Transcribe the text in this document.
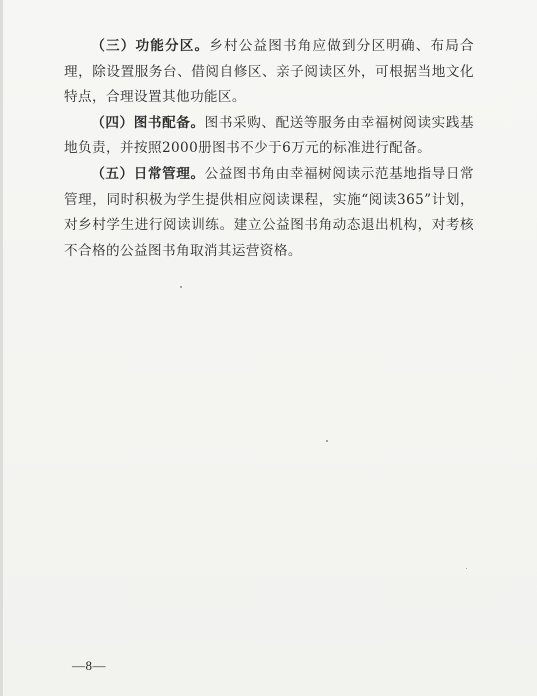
（三）功能分区。乡村公益图书角应做到分区明确、布局合理，除设置服务台、借阅自修区、亲子阅读区外，可根据当地文化特点，合理设置其他功能区。

（四）图书配备。图书采购、配送等服务由幸福树阅读实践基地负责，并按照2000册图书不少于6万元的标准进行配备。

（五）日常管理。公益图书角由幸福树阅读示范基地指导日常管理，同时积极为学生提供相应阅读课程，实施“阅读365”计划，对乡村学生进行阅读训练。建立公益图书角动态退出机构，对考核不合格的公益图书角取消其运营资格。

—8—
